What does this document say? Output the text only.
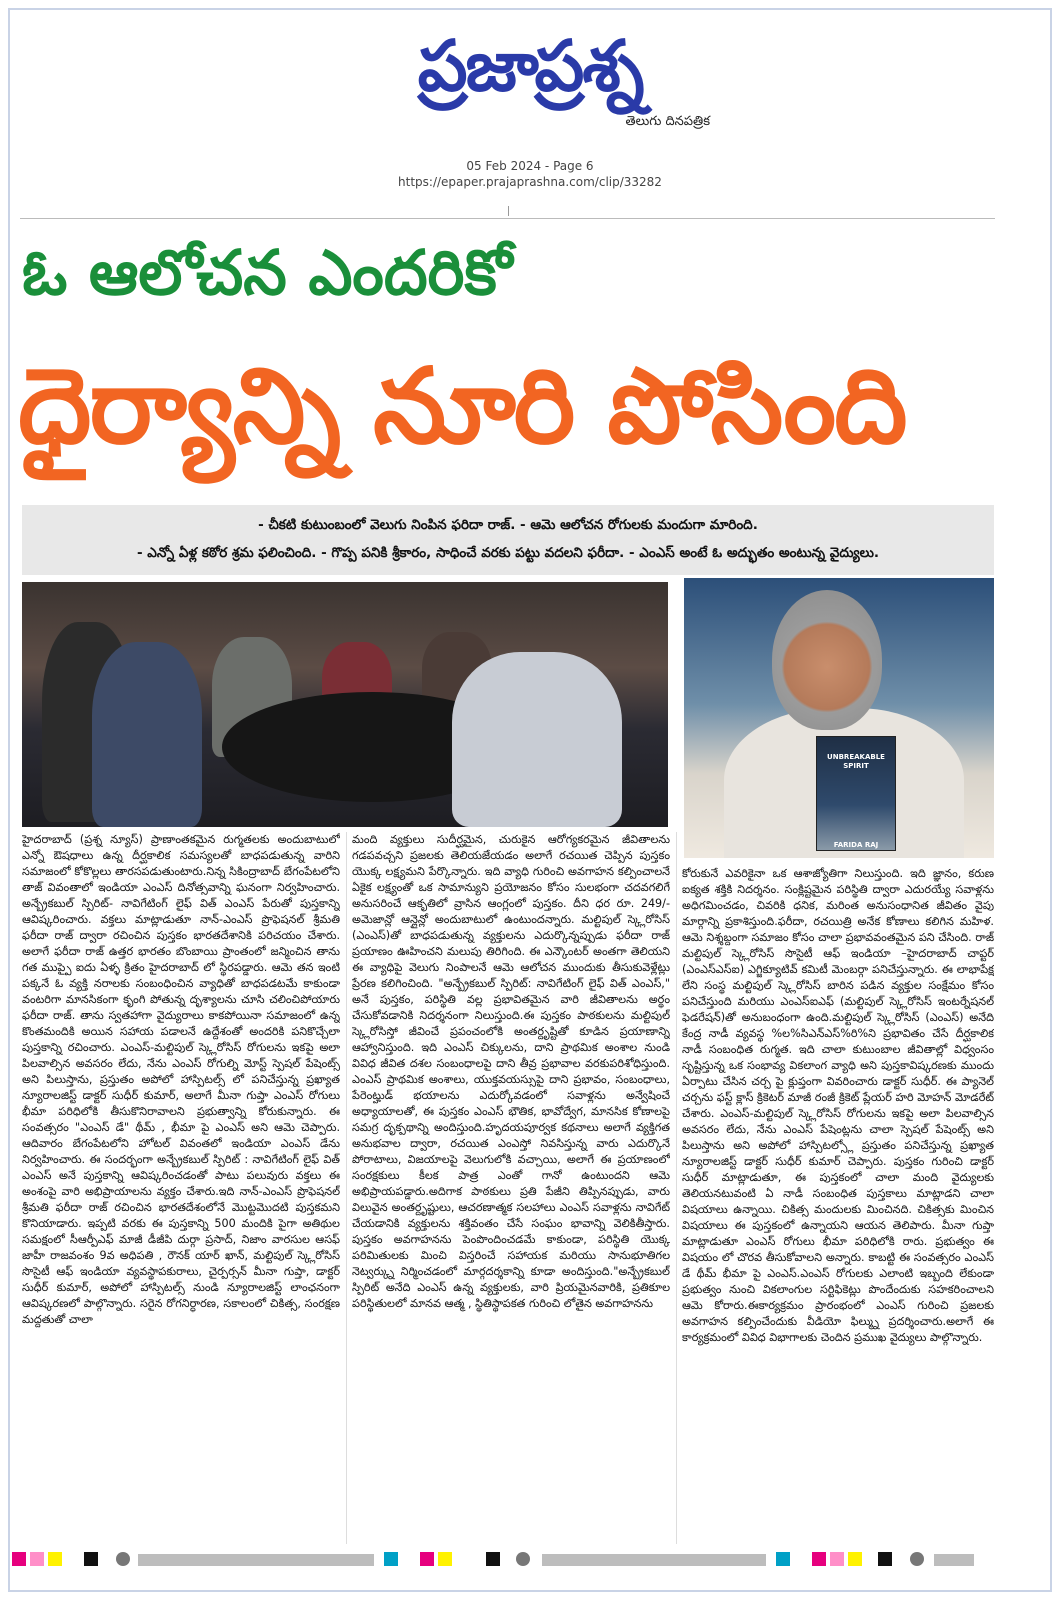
ప్రజాప్రశ్న
తెలుగు దినపత్రిక
05 Feb 2024 - Page 6
https://epaper.prajaprashna.com/clip/33282
ఓ ఆలోచన ఎందరికో
ధైర్యాన్ని నూరి పోసింది

- చీకటి కుటుంబంలో వెలుగు నింపిన ఫరిదా రాజ్. - ఆమె ఆలోచన రోగులకు మందుగా మారింది.

- ఎన్నో ఏళ్ల కఠోర శ్రమ ఫలించింది. - గొప్ప పనికి శ్రీకారం, సాధించే వరకు పట్టు వదలని ఫరీదా. - ఎంఎస్ అంటే ఓ అద్భుతం అంటున్న వైద్యులు.

UNBREAKABLE SPIRIT
FARIDA RAJ
హైదరాబాద్ (ప్రశ్న న్యూస్) ప్రాణాంతకమైన రుగ్మతలకు అందుబాటులో ఎన్నో ఔషధాలు ఉన్న దీర్ఘకాలిక సమస్యలతో బాధపడుతున్న వారిని సమాజంలో కోకొల్లలు తారసపడుతుంటారు.నిన్న సికింద్రాబాద్ బేగంపేటలోని తాజ్ వివంతాలో ఇండియా ఎంఎస్ దినోత్సవాన్ని ఘనంగా నిర్వహించారు. అన్బ్రేకబుల్ స్పిరిట్- నావిగేటింగ్ లైఫ్ విత్ ఎంఎస్ పేరుతో పుస్తకాన్ని ఆవిష్కరించారు. వక్తలు మాట్లాడుతూ నాన్-ఎంఎస్ ప్రొఫెషనల్ శ్రీమతి ఫరీదా రాజ్ ద్వారా రచించిన పుస్తకం భారతదేశానికి పరిచయం చేశారు. అలాగే ఫరీదా రాజ్ ఉత్తర భారతం బొంబాయి ప్రాంతంలో జన్మించిన తాను గత ముప్పై ఐదు ఏళ్ళ క్రితం హైదరాబాద్ లో స్థిరపడ్డారు. ఆమె తన ఇంటి పక్కనే ఓ వ్యక్తి నరాలకు సంబంధించిన వ్యాధితో బాధపడటమే కాకుండా వంటరిగా మానసికంగా కృంగి పోతున్న దృశ్యాలను చూసి చలించిపోయారు ఫరీదా రాజ్. తాను స్వతహాగా వైద్యురాలు కాకపోయినా సమాజంలో ఉన్న కొంతమందికి అయిన సహాయ పడాలనే ఉద్దేశంతో అందరికి పనికొచ్చేలా పుస్తకాన్ని రచించారు. ఎంఎస్-మల్టిపుల్ స్క్లెరోసిస్ రోగులను ఇకపై అలా పిలవాల్సిన అవసరం లేదు, నేను ఎంఎస్ రోగుల్ని మోస్ట్ స్పెషల్ పేషెంట్స్ అని పిలుస్తాను, ప్రస్తుతం అపోలో హాస్పిటల్స్ లో పనిచేస్తున్న ప్రఖ్యాత న్యూరాలజిస్ట్ డాక్టర్ సుధీర్ కుమార్, అలాగే మీనా గుప్తా ఎంఎస్ రోగులు భీమా పరిధిలోకి తీసుకొనిరావాలని ప్రభుత్వాన్ని కోరుకున్నారు. ఈ సంవత్సరం "ఎంఎస్ డే" థీమ్ , భీమా పై ఎంఎస్ అని ఆమె చెప్పారు. ఆదివారం బేగంపేటలోని హోటల్ వివంతలో ఇండియా ఎంఎస్ డేను నిర్వహించారు. ఈ సందర్భంగా అన్బ్రేకబుల్ స్పిరిట్ : నావిగేటింగ్ లైఫ్ విత్ ఎంఎస్ అనే పుస్తకాన్ని ఆవిష్కరించడంతో పాటు పలువురు వక్తలు ఈ అంశంపై వారి అభిప్రాయాలను వ్యక్తం చేశారు.ఇది నాన్-ఎంఎస్ ప్రొఫెషనల్ శ్రీమతి ఫరీదా రాజ్ రచించిన భారతదేశంలోనే మొట్టమొదటి పుస్తకమని కొనియాడారు. ఇప్పటి వరకు ఈ పుస్తకాన్ని 500 మందికి పైగా అతిథుల సమక్షంలో సీఆర్పీఎఫ్ మాజీ డీజీపి దుర్గా ప్రసాద్, నిజాం వారసుల ఆసఫ్ జాహీ రాజవంశం 9వ అధిపతి , రౌనక్ యార్ ఖాన్, మల్టిపుల్ స్క్లెరోసిస్ సొసైటీ ఆఫ్ ఇండియా వ్యవస్థాపకురాలు, చైర్పర్సన్ మీనా గుప్తా, డాక్టర్ సుధీర్ కుమార్, అపోలో హాస్పిటల్స్ నుండి న్యూరాలజిస్ట్ లాంఛనంగా ఆవిష్కరణలో పాల్గొన్నారు. సరైన రోగనిర్ధారణ, సకాలంలో చికిత్స, సంరక్షణ మద్దతుతో చాలా
మంది వ్యక్తులు సుదీర్ఘమైన, చురుకైన ఆరోగ్యకరమైన జీవితాలను గడపవచ్చని ప్రజలకు తెలియజేయడం అలాగే రచయిత చెప్పిన పుస్తకం యొక్క లక్ష్యమని పేర్కొన్నారు. ఇది వ్యాధి గురించి అవగాహన కల్పించాలనే ఏకైక లక్ష్యంతో ఒక సామాన్యుని ప్రయోజనం కోసం సులభంగా చదవగలిగే అనుసరించే ఆకృతిలో వ్రాసిన ఆంగ్లంలో పుస్తకం. దీని ధర రూ. 249/- అమెజాన్లో ఆన్లైన్లో అందుబాటులో ఉంటుందన్నారు. మల్టిపుల్ స్క్లెరోసిస్ (ఎంఎస్)తో బాధపడుతున్న వ్యక్తులను ఎదుర్కొన్నప్పుడు ఫరీదా రాజ్ ప్రయాణం ఊహించని మలుపు తిరిగింది. ఈ ఎన్కౌంటర్ అంతగా తెలియని ఈ వ్యాధిపై వెలుగు నింపాలనే ఆమె ఆలోచన ముందుకు తీసుకువెళ్లేట్లు ప్రేరణ కలిగించింది. "అన్బ్రేకబుల్ స్పిరిట్: నావిగేటింగ్ లైఫ్ విత్ ఎంఎస్," అనే పుస్తకం, పరిస్థితి వల్ల ప్రభావితమైన వారి జీవితాలను అర్థం చేసుకోవడానికి నిదర్శనంగా నిలుస్తుంది.ఈ పుస్తకం పాఠకులను మల్టిపుల్ స్క్లెరోసిస్తో జీవించే ప్రపంచంలోకి అంతర్దృష్టితో కూడిన ప్రయాణాన్ని ఆహ్వానిస్తుంది. ఇది ఎంఎస్ చిక్కులను, దాని ప్రాథమిక అంశాల నుండి వివిధ జీవిత దశల సంబంధాలపై దాని తీవ్ర ప్రభావాల వరకుపరిశోధిస్తుంది. ఎంఎస్ ప్రాథమిక అంశాలు, యుక్తవయస్సుపై దాని ప్రభావం, సంబంధాలు, పేరెంట్హుడ్ భయాలను ఎదుర్కోవడంలో సవాళ్లను అన్వేషించే అధ్యాయాలతో, ఈ పుస్తకం ఎంఎస్ భౌతిక, భావోద్వేగ, మానసిక కోణాలపై సమగ్ర దృక్పథాన్ని అందిస్తుంది.హృదయపూర్వక కథనాలు అలాగే వ్యక్తిగత అనుభవాల ద్వారా, రచయిత ఎంఎస్తో నివసిస్తున్న వారు ఎదుర్కొనే పోరాటాలు, విజయాలపై వెలుగులోకి వచ్చాయి, అలాగే ఈ ప్రయాణంలో సంరక్షకులు కీలక పాత్ర ఎంతో గానో ఉంటుందని ఆమె అభిప్రాయపడ్డారు.అదిగాక పాఠకులు ప్రతి పేజీని తిప్పినప్పుడు, వారు విలువైన అంతర్దృష్టులు, ఆచరణాత్మక సలహాలు ఎంఎస్ సవాళ్లను నావిగేట్ చేయడానికి వ్యక్తులను శక్తివంతం చేసే సంఘం భావాన్ని వెలికితీస్తారు. పుస్తకం అవగాహనను పెంపొందించడమే కాకుండా, పరిస్థితి యొక్క పరిమితులకు మించి విస్తరించే సహాయక మరియు సానుభూతిగల నెట్వర్క్ను నిర్మించడంలో మార్గదర్శకాన్ని కూడా అందిస్తుంది."అన్బ్రేకబుల్ స్పిరిట్ అనేది ఎంఎస్ ఉన్న వ్యక్తులకు, వారి ప్రియమైనవారికి, ప్రతికూల పరిస్థితులలో మానవ ఆత్మ , స్థితిస్థాపకత గురించి లోతైన అవగాహనను
కోరుకునే ఎవరికైనా ఒక ఆశాజ్యోతిగా నిలుస్తుంది. ఇది జ్ఞానం, కరుణ ఐక్యత శక్తికి నిదర్శనం. సంక్లిష్టమైన పరిస్థితి ద్వారా ఎదురయ్యే సవాళ్లను అధిగమించడం, చివరికి ధనిక, మరింత అనుసంధానిత జీవితం వైపు మార్గాన్ని ప్రకాశిస్తుంది.ఫరీదా, రచయిత్రి అనేక కోణాలు కలిగిన మహిళ. ఆమె నిశ్శబ్దంగా సమాజం కోసం చాలా ప్రభావవంతమైన పని చేసింది. రాజ్ మల్టిపుల్ స్క్లెరోసిస్ సొసైటీ ఆఫ్ ఇండియా –హైదరాబాద్ చాప్టర్ (ఎంఎస్ఎస్ఐ) ఎగ్జిక్యూటివ్ కమిటీ మెంబర్గా పనిచేస్తున్నారు. ఈ లాభాపేక్ష లేని సంస్థ మల్టిపుల్ స్క్లెరోసిస్ బారిన పడిన వ్యక్తుల సంక్షేమం కోసం పనిచేస్తుంది మరియు ఎంఎస్ఐఎఫ్ (మల్టిపుల్ స్క్లెరోసిస్ ఇంటర్నేషనల్ ఫెడరేషన్)తో అనుబంధంగా ఉంది.మల్టిపుల్ స్క్లెరోసిస్ (ఎంఎస్) అనేది కేంద్ర నాడీ వ్యవస్థ %ల%సిఎన్ఎస్%రి%ని ప్రభావితం చేసే దీర్ఘకాలిక నాడీ సంబంధిత రుగ్మత. ఇది చాలా కుటుంబాల జీవితాల్లో విధ్వంసం సృష్టిస్తున్న ఒక సంభావ్య వికలాంగ వ్యాధి అని పుస్తకావిష్కరణకు ముందు ఏర్పాటు చేసిన చర్చ పై క్లుప్తంగా వివరించారు డాక్టర్ సుధీర్. ఈ ప్యానెల్ చర్చను ఫస్ట్ క్లాస్ క్రికెటర్ మాజీ రంజీ క్రికెట్ ప్లేయర్ హరి మోహన్ మోడరేట్ చేశారు. ఎంఎస్-మల్టిపుల్ స్క్లెరోసిస్ రోగులను ఇకపై అలా పిలవాల్సిన అవసరం లేదు, నేను ఎంఎస్ పేషెంట్లను చాలా స్పెషల్ పేషెంట్స్ అని పిలుస్తాను అని అపోలో హాస్పిటల్స్లో ప్రస్తుతం పనిచేస్తున్న ప్రఖ్యాత న్యూరాలజిస్ట్ డాక్టర్ సుధీర్ కుమార్ చెప్పారు. పుస్తకం గురించి డాక్టర్ సుధీర్ మాట్లాడుతూ, ఈ పుస్తకంలో చాలా మంది వైద్యులకు తెలియనటువంటి ఏ నాడీ సంబంధిత పుస్తకాలు మాట్లాడని చాలా విషయాలు ఉన్నాయి. చికిత్స మందులకు మించినది. చికిత్సకు మించిన విషయాలు ఈ పుస్తకంలో ఉన్నాయని ఆయన తెలిపారు. మీనా గుప్తా మాట్లాడుతూ ఎంఎస్ రోగులు భీమా పరిధిలోకి రారు. ప్రభుత్వం ఈ విషయం లో చొరవ తీసుకోవాలని అన్నారు. కాబట్టి ఈ సంవత్సరం ఎంఎస్ డే థీమ్ భీమా పై ఎంఎస్.ఎంఎస్ రోగులకు ఎలాంటి ఇబ్బంది లేకుండా ప్రభుత్వం నుంచి వికలాంగుల సర్టిఫికెట్లు పొందేందుకు సహకరించాలని ఆమె కోరారు.ఈకార్యక్రమం ప్రారంభంలో ఎంఎస్ గురించి ప్రజలకు అవగాహన కల్పించేందుకు వీడియో ఫిల్మ్ను ప్రదర్శించారు.అలాగే ఈ కార్యక్రమంలో వివిధ విభాగాలకు చెందిన ప్రముఖ వైద్యులు పాల్గొన్నారు.
